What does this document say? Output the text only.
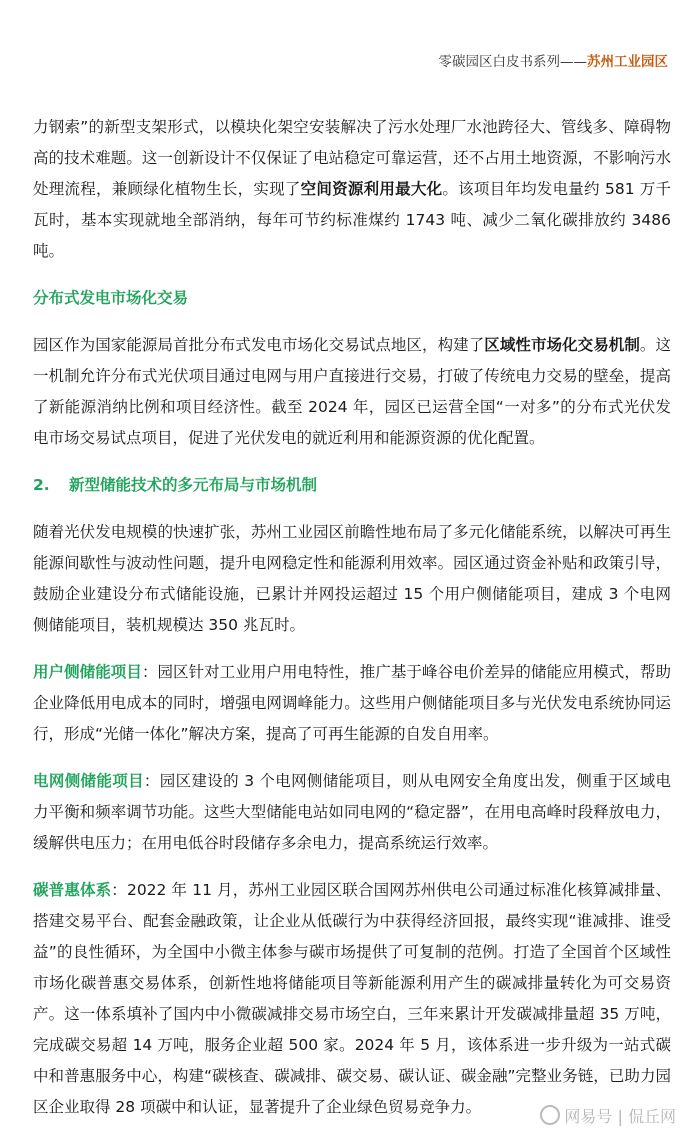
零碳园区白皮书系列——苏州工业园区

力钢索”的新型支架形式，以模块化架空安装解决了污水处理厂水池跨径大、管线多、障碍物高的技术难题。这一创新设计不仅保证了电站稳定可靠运营，还不占用土地资源，不影响污水处理流程，兼顾绿化植物生长，实现了空间资源利用最大化。该项目年均发电量约 581 万千瓦时，基本实现就地全部消纳，每年可节约标准煤约 1743 吨、减少二氧化碳排放约 3486 吨。

分布式发电市场化交易

园区作为国家能源局首批分布式发电市场化交易试点地区，构建了区域性市场化交易机制。这一机制允许分布式光伏项目通过电网与用户直接进行交易，打破了传统电力交易的壁垒，提高了新能源消纳比例和项目经济性。截至 2024 年，园区已运营全国“一对多”的分布式光伏发电市场交易试点项目，促进了光伏发电的就近利用和能源资源的优化配置。

2. 新型储能技术的多元布局与市场机制

随着光伏发电规模的快速扩张，苏州工业园区前瞻性地布局了多元化储能系统，以解决可再生能源间歇性与波动性问题，提升电网稳定性和能源利用效率。园区通过资金补贴和政策引导，鼓励企业建设分布式储能设施，已累计并网投运超过 15 个用户侧储能项目，建成 3 个电网侧储能项目，装机规模达 350 兆瓦时。

用户侧储能项目：园区针对工业用户用电特性，推广基于峰谷电价差异的储能应用模式，帮助企业降低用电成本的同时，增强电网调峰能力。这些用户侧储能项目多与光伏发电系统协同运行，形成“光储一体化”解决方案，提高了可再生能源的自发自用率。

电网侧储能项目：园区建设的 3 个电网侧储能项目，则从电网安全角度出发，侧重于区域电力平衡和频率调节功能。这些大型储能电站如同电网的“稳定器”，在用电高峰时段释放电力，缓解供电压力；在用电低谷时段储存多余电力，提高系统运行效率。

碳普惠体系：2022 年 11 月，苏州工业园区联合国网苏州供电公司通过标准化核算减排量、搭建交易平台、配套金融政策，让企业从低碳行为中获得经济回报，最终实现“谁减排、谁受益”的良性循环，为全国中小微主体参与碳市场提供了可复制的范例。打造了全国首个区域性市场化碳普惠交易体系，创新性地将储能项目等新能源利用产生的碳减排量转化为可交易资产。这一体系填补了国内中小微碳减排交易市场空白，三年来累计开发碳减排量超 35 万吨，完成碳交易超 14 万吨，服务企业超 500 家。2024 年 5 月，该体系进一步升级为一站式碳中和普惠服务中心，构建“碳核查、碳减排、碳交易、碳认证、碳金融”完整业务链，已助力园区企业取得 28 项碳中和认证，显著提升了企业绿色贸易竞争力。	网易号 | 侃丘网
